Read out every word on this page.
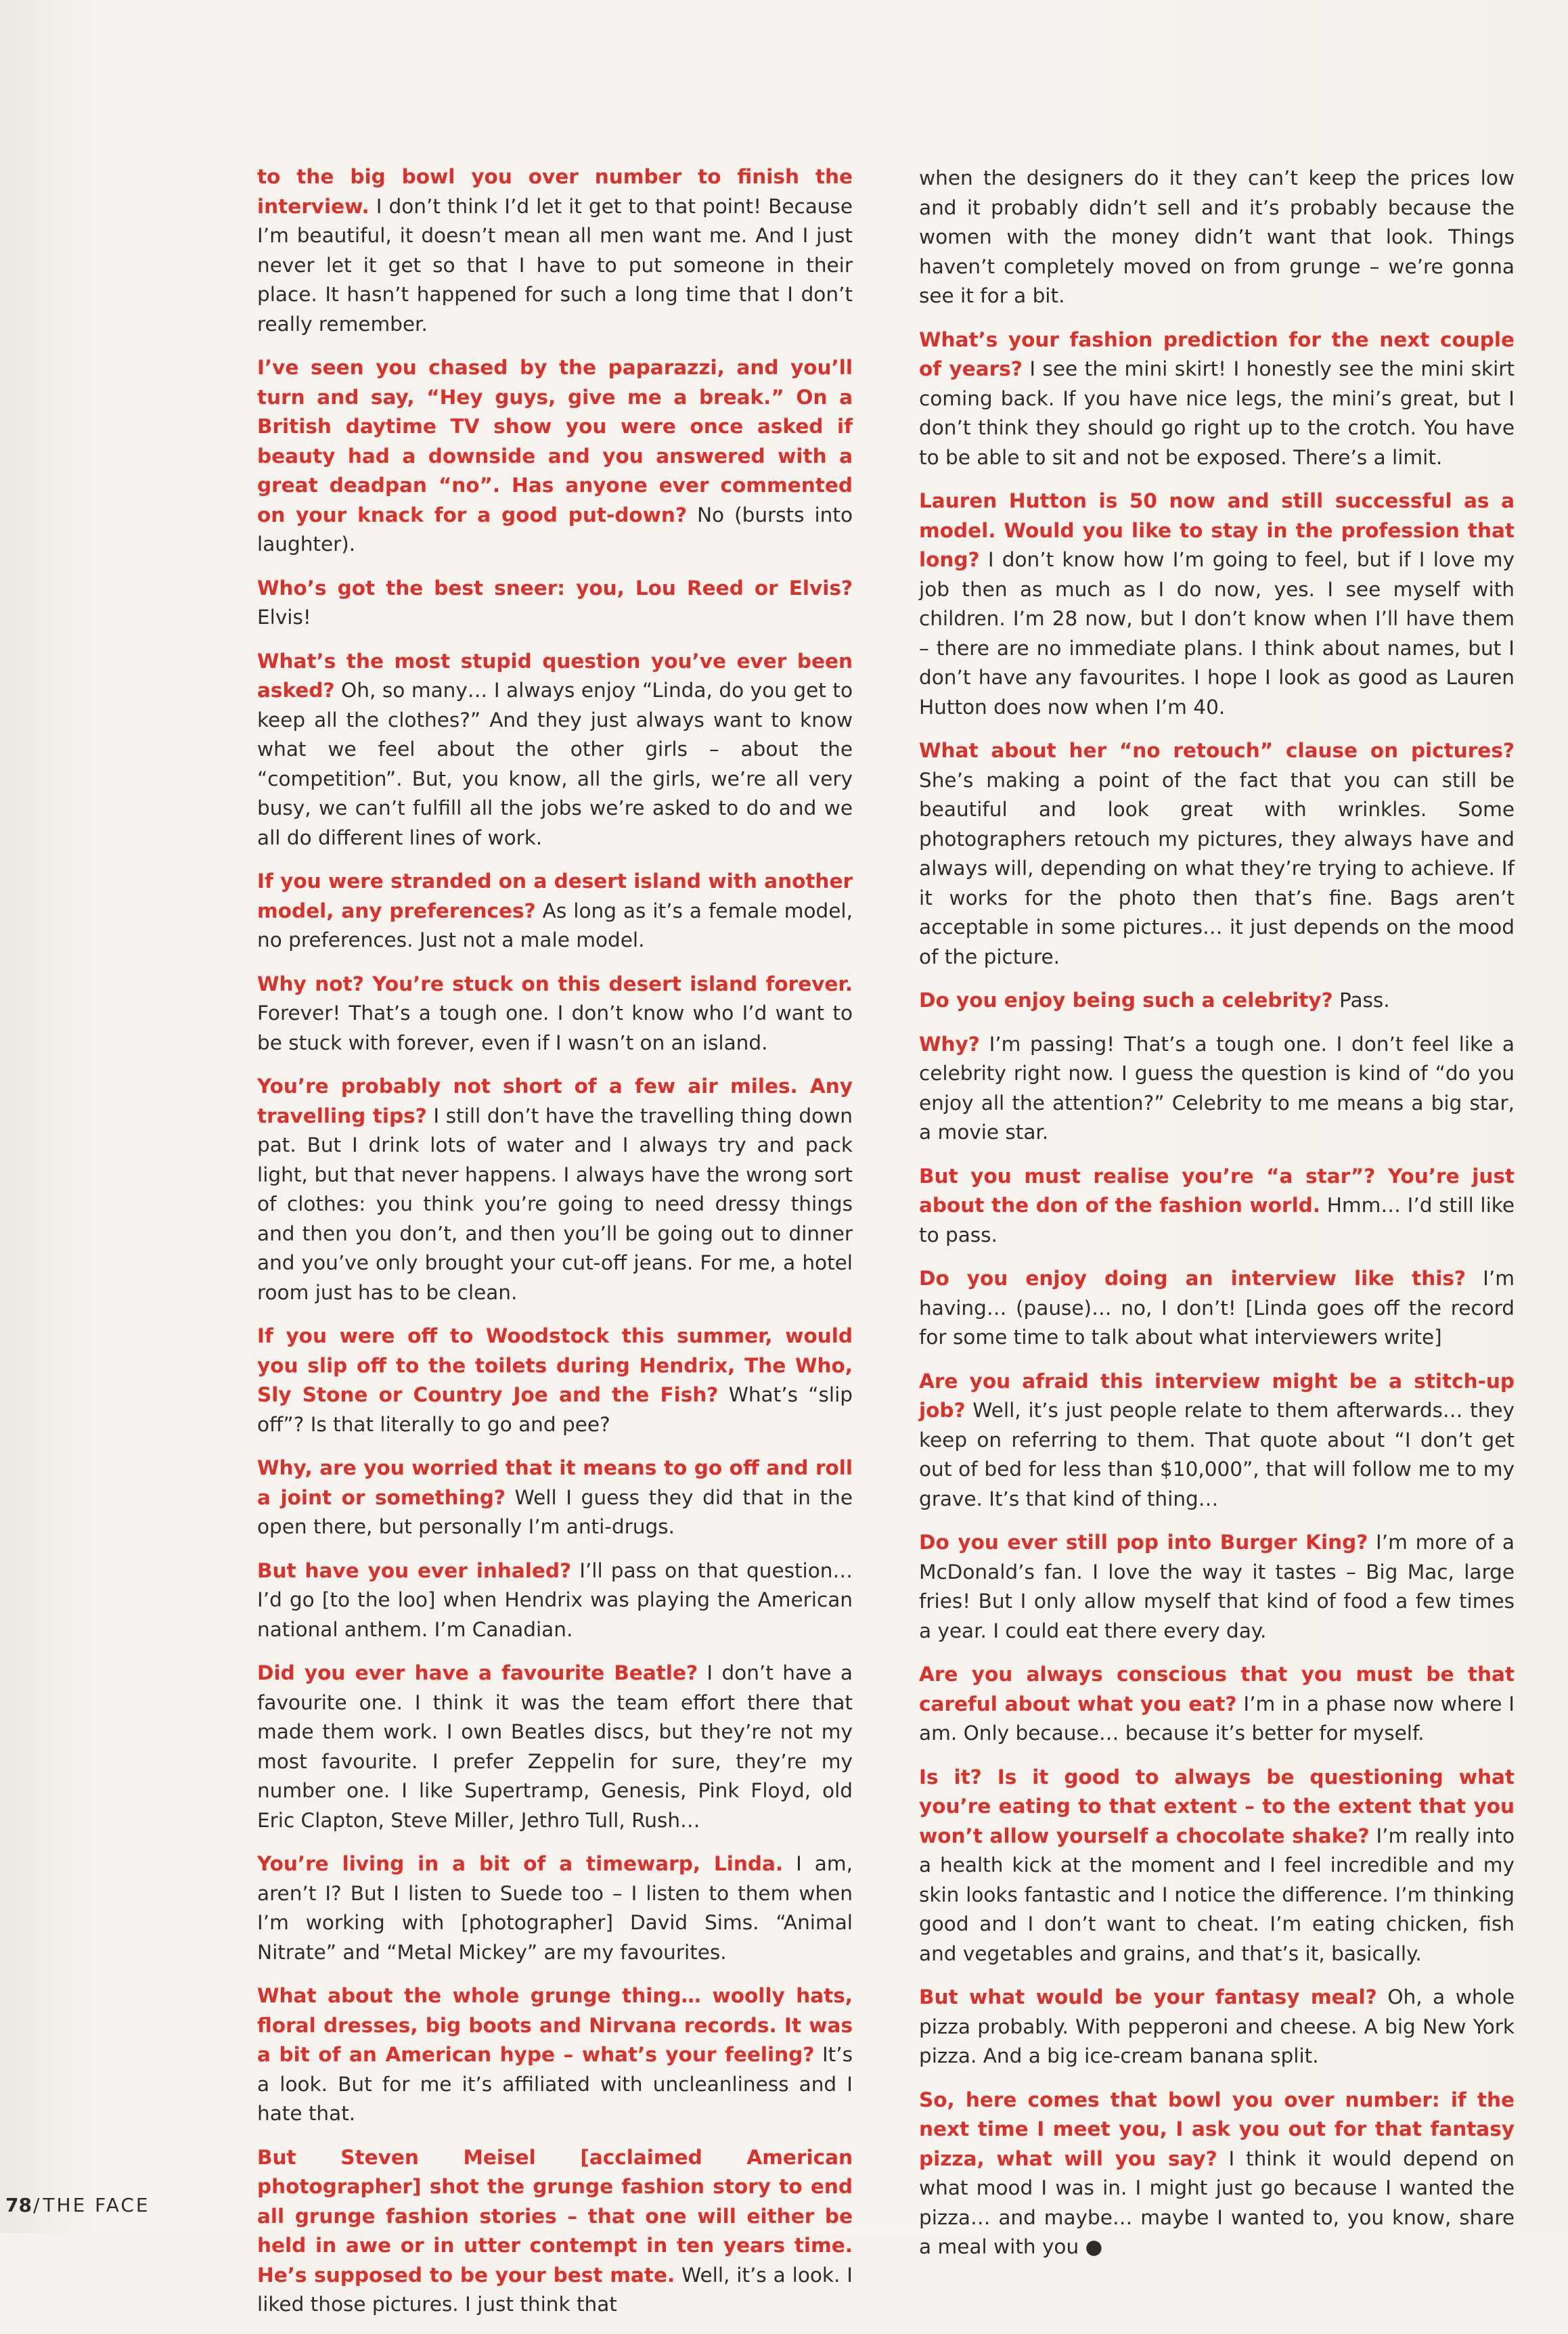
to the big bowl you over number to finish the interview. I don’t think I’d let it get to that point! Because I’m beautiful, it doesn’t mean all men want me. And I just never let it get so that I have to put someone in their place. It hasn’t happened for such a long time that I don’t really remember.

I’ve seen you chased by the paparazzi, and you’ll turn and say, “Hey guys, give me a break.” On a British daytime TV show you were once asked if beauty had a downside and you answered with a great deadpan “no”. Has anyone ever commented on your knack for a good put-down? No (bursts into laughter).

Who’s got the best sneer: you, Lou Reed or Elvis? Elvis!

What’s the most stupid question you’ve ever been asked? Oh, so many… I always enjoy “Linda, do you get to keep all the clothes?” And they just always want to know what we feel about the other girls – about the “competition”. But, you know, all the girls, we’re all very busy, we can’t fulfill all the jobs we’re asked to do and we all do different lines of work.

If you were stranded on a desert island with another model, any preferences? As long as it’s a female model, no preferences. Just not a male model.

Why not? You’re stuck on this desert island forever. Forever! That’s a tough one. I don’t know who I’d want to be stuck with forever, even if I wasn’t on an island.

You’re probably not short of a few air miles. Any travelling tips? I still don’t have the travelling thing down pat. But I drink lots of water and I always try and pack light, but that never happens. I always have the wrong sort of clothes: you think you’re going to need dressy things and then you don’t, and then you’ll be going out to dinner and you’ve only brought your cut-off jeans. For me, a hotel room just has to be clean.

If you were off to Woodstock this summer, would you slip off to the toilets during Hendrix, The Who, Sly Stone or Country Joe and the Fish? What’s “slip off”? Is that literally to go and pee?

Why, are you worried that it means to go off and roll a joint or something? Well I guess they did that in the open there, but personally I’m anti-drugs.

But have you ever inhaled? I’ll pass on that question… I’d go [to the loo] when Hendrix was playing the American national anthem. I’m Canadian.

Did you ever have a favourite Beatle? I don’t have a favourite one. I think it was the team effort there that made them work. I own Beatles discs, but they’re not my most favourite. I prefer Zeppelin for sure, they’re my number one. I like Supertramp, Genesis, Pink Floyd, old Eric Clapton, Steve Miller, Jethro Tull, Rush…

You’re living in a bit of a timewarp, Linda. I am, aren’t I? But I listen to Suede too – I listen to them when I’m working with [photographer] David Sims. “Animal Nitrate” and “Metal Mickey” are my favourites.

What about the whole grunge thing… woolly hats, floral dresses, big boots and Nirvana records. It was a bit of an American hype – what’s your feeling? It’s a look. But for me it’s affiliated with uncleanliness and I hate that.

But Steven Meisel [acclaimed American photographer] shot the grunge fashion story to end all grunge fashion stories – that one will either be held in awe or in utter contempt in ten years time. He’s supposed to be your best mate. Well, it’s a look. I liked those pictures. I just think that

when the designers do it they can’t keep the prices low and it probably didn’t sell and it’s probably because the women with the money didn’t want that look. Things haven’t completely moved on from grunge – we’re gonna see it for a bit.

What’s your fashion prediction for the next couple of years? I see the mini skirt! I honestly see the mini skirt coming back. If you have nice legs, the mini’s great, but I don’t think they should go right up to the crotch. You have to be able to sit and not be exposed. There’s a limit.

Lauren Hutton is 50 now and still successful as a model. Would you like to stay in the profession that long? I don’t know how I’m going to feel, but if I love my job then as much as I do now, yes. I see myself with children. I’m 28 now, but I don’t know when I’ll have them – there are no immediate plans. I think about names, but I don’t have any favourites. I hope I look as good as Lauren Hutton does now when I’m 40.

What about her “no retouch” clause on pictures? She’s making a point of the fact that you can still be beautiful and look great with wrinkles. Some photographers retouch my pictures, they always have and always will, depending on what they’re trying to achieve. If it works for the photo then that’s fine. Bags aren’t acceptable in some pictures… it just depends on the mood of the picture.

Do you enjoy being such a celebrity? Pass.

Why? I’m passing! That’s a tough one. I don’t feel like a celebrity right now. I guess the question is kind of “do you enjoy all the attention?” Celebrity to me means a big star, a movie star.

But you must realise you’re “a star”? You’re just about the don of the fashion world. Hmm… I’d still like to pass.

Do you enjoy doing an interview like this? I’m having… (pause)… no, I don’t! [Linda goes off the record for some time to talk about what interviewers write]

Are you afraid this interview might be a stitch-up job? Well, it’s just people relate to them afterwards… they keep on referring to them. That quote about “I don’t get out of bed for less than $10,000”, that will follow me to my grave. It’s that kind of thing…

Do you ever still pop into Burger King? I’m more of a McDonald’s fan. I love the way it tastes – Big Mac, large fries! But I only allow myself that kind of food a few times a year. I could eat there every day.

Are you always conscious that you must be that careful about what you eat? I’m in a phase now where I am. Only because… because it’s better for myself.

Is it? Is it good to always be questioning what you’re eating to that extent – to the extent that you won’t allow yourself a chocolate shake? I’m really into a health kick at the moment and I feel incredible and my skin looks fantastic and I notice the difference. I’m thinking good and I don’t want to cheat. I’m eating chicken, fish and vegetables and grains, and that’s it, basically.

But what would be your fantasy meal? Oh, a whole pizza probably. With pepperoni and cheese. A big New York pizza. And a big ice-cream banana split.

So, here comes that bowl you over number: if the next time I meet you, I ask you out for that fantasy pizza, what will you say? I think it would depend on what mood I was in. I might just go because I wanted the pizza… and maybe… maybe I wanted to, you know, share a meal with you ●

78/THE FACE
